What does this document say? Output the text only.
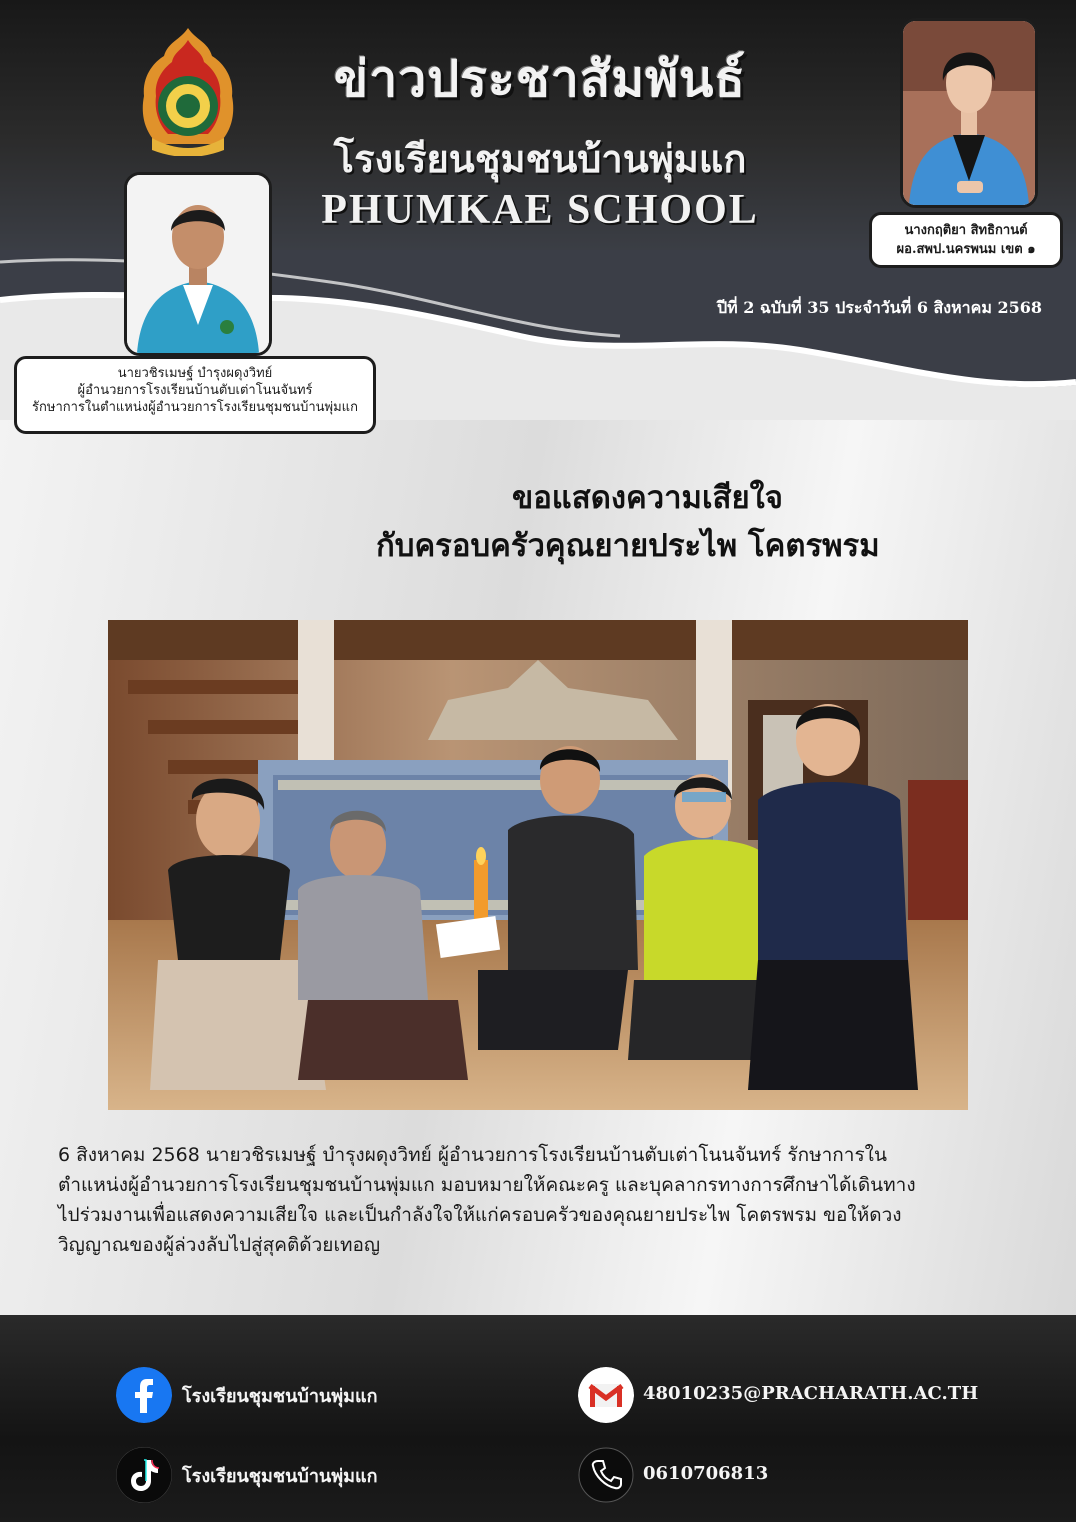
ข่าวประชาสัมพันธ์
โรงเรียนชุมชนบ้านพุ่มแก
PHUMKAE SCHOOL
ปีที่ 2 ฉบับที่ 35 ประจำวันที่ 6 สิงหาคม 2568
นายวชิรเมษฐ์ บำรุงผดุงวิทย์
ผู้อำนวยการโรงเรียนบ้านตับเต่าโนนจันทร์
รักษาการในตำแหน่งผู้อำนวยการโรงเรียนชุมชนบ้านพุ่มแก
นางกฤติยา สิทธิกานต์
ผอ.สพป.นครพนม เขต ๑
ขอแสดงความเสียใจ
กับครอบครัวคุณยายประไพ โคตรพรม
6 สิงหาคม 2568 นายวชิรเมษฐ์ บำรุงผดุงวิทย์ ผู้อำนวยการโรงเรียนบ้านตับเต่าโนนจันทร์ รักษาการใน
ตำแหน่งผู้อำนวยการโรงเรียนชุมชนบ้านพุ่มแก มอบหมายให้คณะครู และบุคลากรทางการศึกษาได้เดินทาง
ไปร่วมงานเพื่อแสดงความเสียใจ และเป็นกำลังใจให้แก่ครอบครัวของคุณยายประไพ โคตรพรม ขอให้ดวง
วิญญาณของผู้ล่วงลับไปสู่สุคติด้วยเทอญ
โรงเรียนชุมชนบ้านพุ่มแก
โรงเรียนชุมชนบ้านพุ่มแก
48010235@PRACHARATH.AC.TH
0610706813
